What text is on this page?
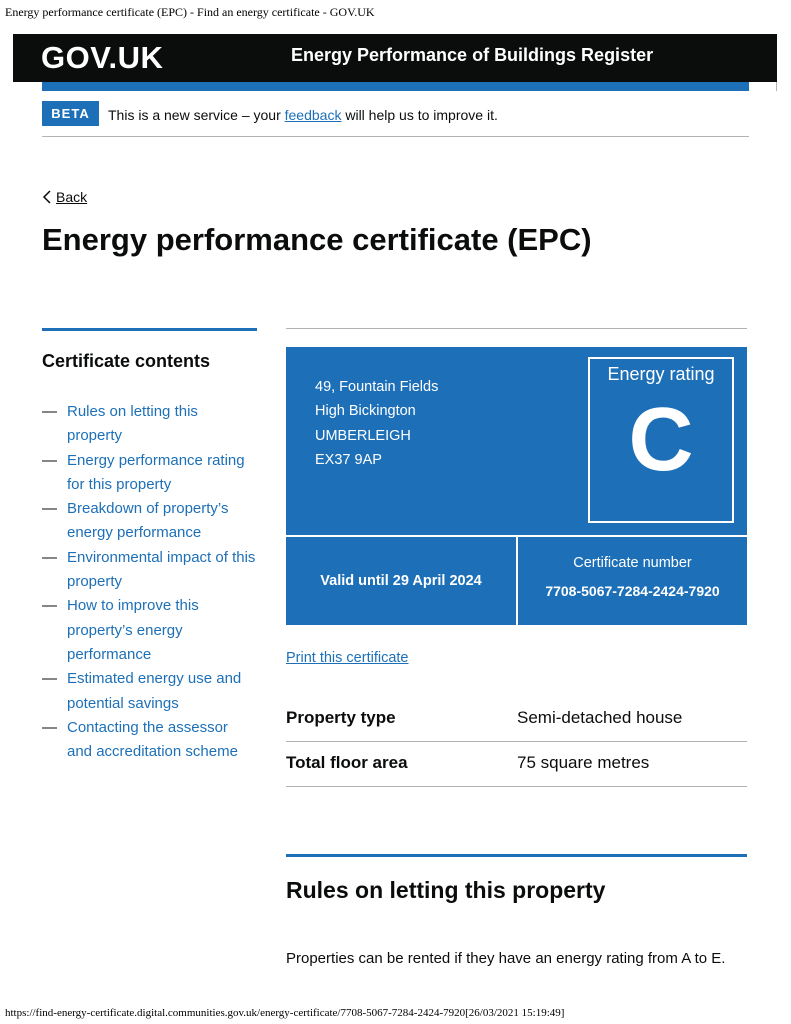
Energy performance certificate (EPC) - Find an energy certificate - GOV.UK
GOV.UK	Energy Performance of Buildings Register
BETA	This is a new service – your feedback will help us to improve it.
Back
Energy performance certificate (EPC)
Certificate contents
— Rules on letting this property
— Energy performance rating for this property
— Breakdown of property’s energy performance
— Environmental impact of this property
— How to improve this property’s energy performance
— Estimated energy use and potential savings
— Contacting the assessor and accreditation scheme
49, Fountain Fields
High Bickington
UMBERLEIGH
EX37 9AP
Energy rating
C
Valid until 29 April 2024
Certificate number
7708-5067-7284-2424-7920
Print this certificate
Property type	Semi-detached house
Total floor area	75 square metres
Rules on letting this property

Properties can be rented if they have an energy rating from A to E.

https://find-energy-certificate.digital.communities.gov.uk/energy-certificate/7708-5067-7284-2424-7920[26/03/2021 15:19:49]
